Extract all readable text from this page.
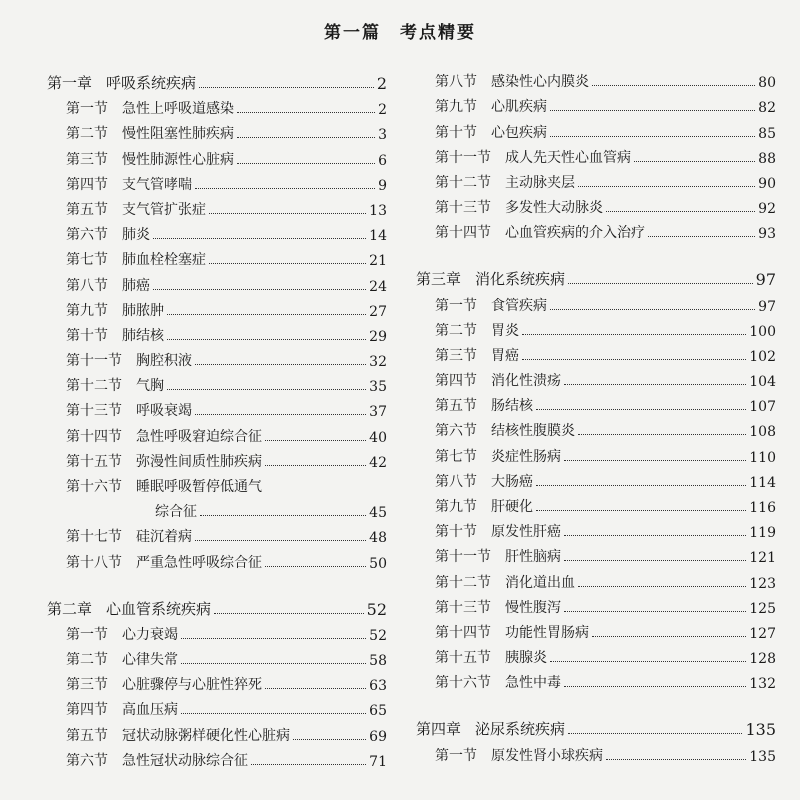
第一篇　考点精要
第一章 呼吸系统疾病	2
第一节 急性上呼吸道感染	2
第二节 慢性阻塞性肺疾病	3
第三节 慢性肺源性心脏病	6
第四节 支气管哮喘	9
第五节 支气管扩张症	13
第六节 肺炎	14
第七节 肺血栓栓塞症	21
第八节 肺癌	24
第九节 肺脓肿	27
第十节 肺结核	29
第十一节 胸腔积液	32
第十二节 气胸	35
第十三节 呼吸衰竭	37
第十四节 急性呼吸窘迫综合征	40
第十五节 弥漫性间质性肺疾病	42
第十六节 睡眠呼吸暂停低通气
综合征	45
第十七节 硅沉着病	48
第十八节 严重急性呼吸综合征	50
第二章 心血管系统疾病	52
第一节 心力衰竭	52
第二节 心律失常	58
第三节 心脏骤停与心脏性猝死	63
第四节 高血压病	65
第五节 冠状动脉粥样硬化性心脏病	69
第六节 急性冠状动脉综合征	71
第八节 感染性心内膜炎	80
第九节 心肌疾病	82
第十节 心包疾病	85
第十一节 成人先天性心血管病	88
第十二节 主动脉夹层	90
第十三节 多发性大动脉炎	92
第十四节 心血管疾病的介入治疗	93
第三章 消化系统疾病	97
第一节 食管疾病	97
第二节 胃炎	100
第三节 胃癌	102
第四节 消化性溃疡	104
第五节 肠结核	107
第六节 结核性腹膜炎	108
第七节 炎症性肠病	110
第八节 大肠癌	114
第九节 肝硬化	116
第十节 原发性肝癌	119
第十一节 肝性脑病	121
第十二节 消化道出血	123
第十三节 慢性腹泻	125
第十四节 功能性胃肠病	127
第十五节 胰腺炎	128
第十六节 急性中毒	132
第四章 泌尿系统疾病	135
第一节 原发性肾小球疾病	135
